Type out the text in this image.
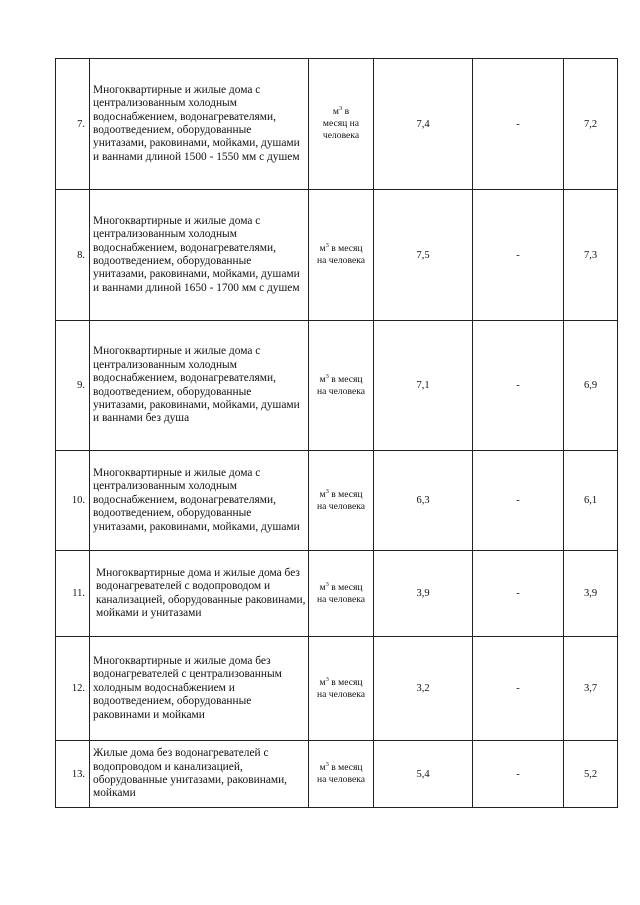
7.	Многоквартирные и жилые дома с централизованным холодным водоснабжением, водонагревателями, водоотведением, оборудованные унитазами, раковинами, мойками, душами и ваннами длиной 1500 - 1550 мм с душем	$м^3$ в
месяц на человека	7,4	-	7,2
8.	Многоквартирные и жилые дома с централизованным холодным водоснабжением, водонагревателями, водоотведением, оборудованные унитазами, раковинами, мойками, душами и ваннами длиной 1650 - 1700 мм с душем	$м^3$ в месяц
на человека	7,5	-	7,3
9.	Многоквартирные и жилые дома с централизованным холодным водоснабжением, водонагревателями, водоотведением, оборудованные унитазами, раковинами, мойками, душами и ваннами без душа	$м^3$ в месяц
на человека	7,1	-	6,9
10.	Многоквартирные и жилые дома с централизованным холодным водоснабжением, водонагревателями, водоотведением, оборудованные унитазами, раковинами, мойками, душами	$м^3$ в месяц
на человека	6,3	-	6,1
11.	Многоквартирные дома и жилые дома без водонагревателей с водопроводом и канализацией, оборудованные раковинами, мойками и унитазами	$м^3$ в месяц
на человека	3,9	-	3,9
12.	Многоквартирные и жилые дома без водонагревателей с централизованным холодным водоснабжением и водоотведением, оборудованные раковинами и мойками	$м^3$ в месяц
на человека	3,2	-	3,7
13.	Жилые дома без водонагревателей с водопроводом и канализацией, оборудованные унитазами, раковинами, мойками	$м^3$ в месяц
на человека	5,4	-	5,2
